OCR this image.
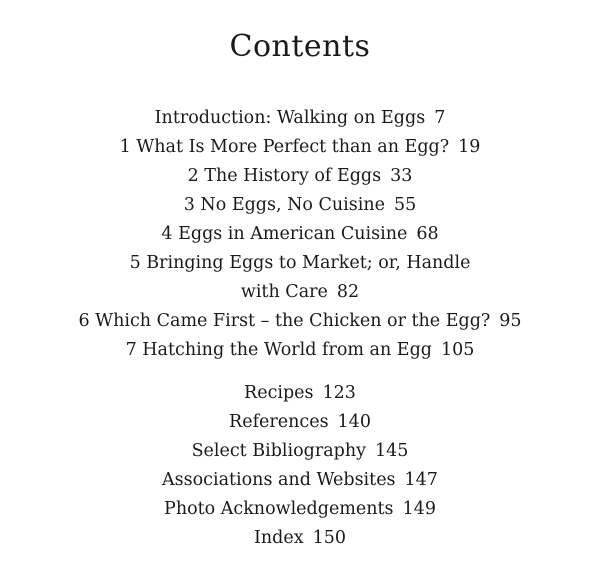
Contents
Introduction: Walking on Eggs 7
1 What Is More Perfect than an Egg? 19
2 The History of Eggs 33
3 No Eggs, No Cuisine 55
4 Eggs in American Cuisine 68
5 Bringing Eggs to Market; or, Handle
with Care 82
6 Which Came First – the Chicken or the Egg? 95
7 Hatching the World from an Egg 105
Recipes 123
References 140
Select Bibliography 145
Associations and Websites 147
Photo Acknowledgements 149
Index 150
